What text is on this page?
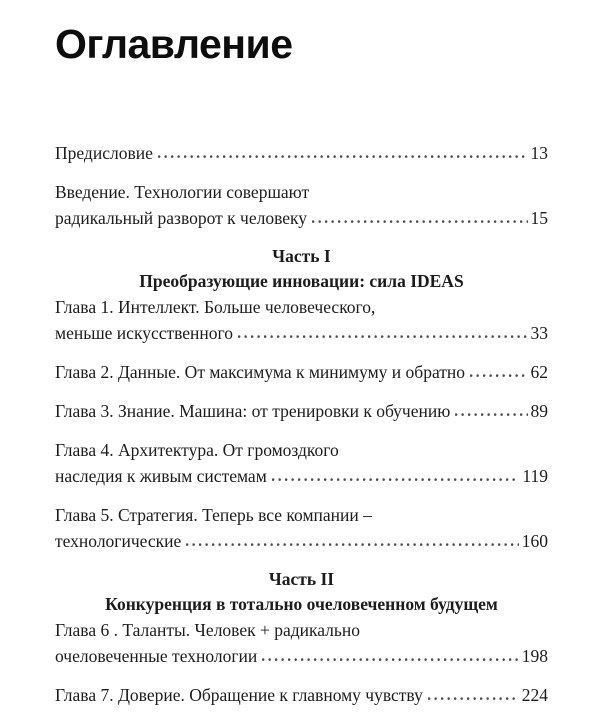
Оглавление
Предисловие	13
Введение. Технологии совершают
радикальный разворот к человеку	15
Часть I
Преобразующие инновации: сила IDEAS
Глава 1. Интеллект. Больше человеческого,
меньше искусственного	33
Глава 2. Данные. От максимума к минимуму и обратно	62
Глава 3. Знание. Машина: от тренировки к обучению	89
Глава 4. Архитектура. От громоздкого
наследия к живым системам	119
Глава 5. Стратегия. Теперь все компании –
технологические	160
Часть II
Конкуренция в тотально очеловеченном будущем
Глава 6 . Таланты. Человек + радикально
очеловеченные технологии	198
Глава 7. Доверие. Обращение к главному чувству	224
